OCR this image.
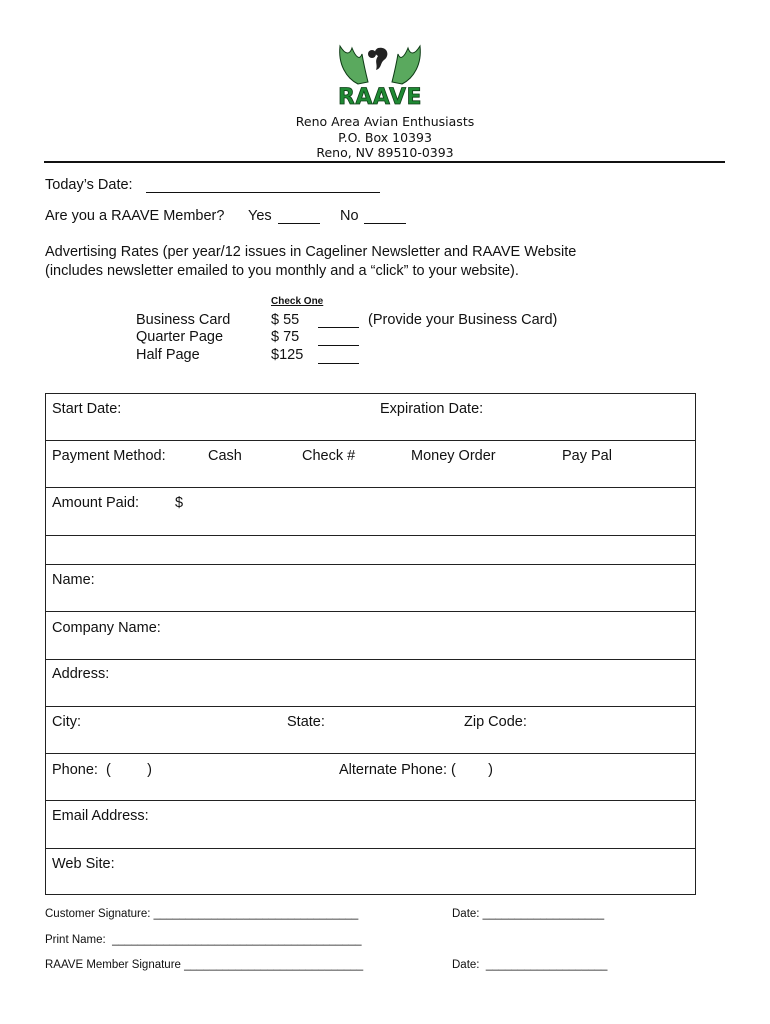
RAAVE
Reno Area Avian Enthusiasts
P.O. Box 10393
Reno, NV 89510-0393
Today’s Date:
Are you a RAAVE Member? Yes	No
Advertising Rates (per year/12 issues in Cageliner Newsletter and RAAVE Website
(includes newsletter emailed to you monthly and a “click” to your website).
Check One
Business Card	$ 55	(Provide your Business Card)
Quarter Page	$ 75
Half Page	$125
Start Date:	Expiration Date:
Payment Method:	Cash	Check #	Money Order	Pay Pal
Amount Paid: $
Name:
Company Name:
Address:
City:	State:	Zip Code:
Phone:  (         )	Alternate Phone: (        )
Email Address:
Web Site:
Customer Signature: ________________________________	Date: ___________________
Print Name:  _______________________________________
RAAVE Member Signature ____________________________	Date:  ___________________
